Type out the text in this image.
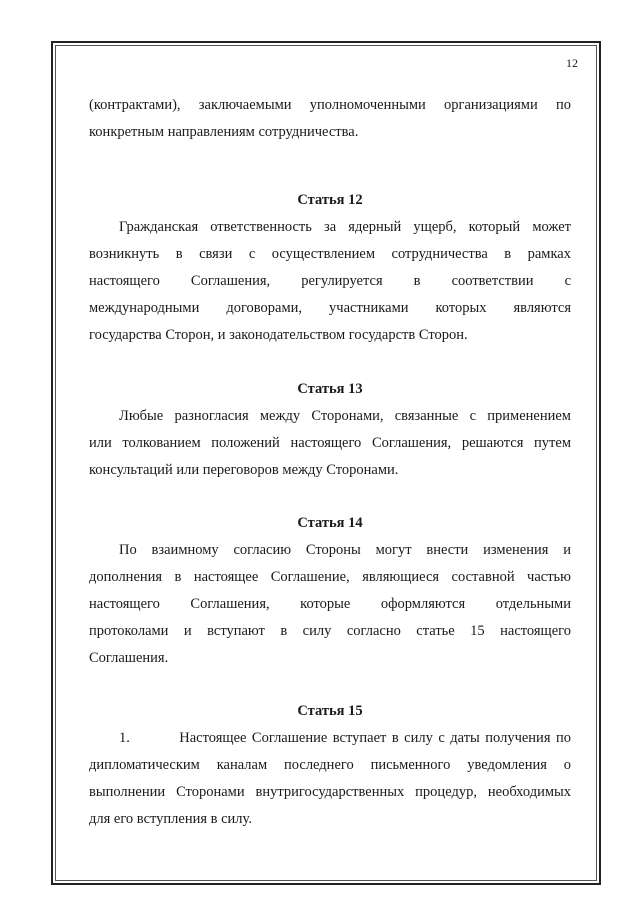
12

(контрактами), заключаемыми уполномоченными организациями по
конкретным направлениям сотрудничества.

Статья 12

Гражданская ответственность за ядерный ущерб, который может
возникнуть в связи с осуществлением сотрудничества в рамках
настоящего Соглашения, регулируется в соответствии с
международными договорами, участниками которых являются
государства Сторон, и законодательством государств Сторон.

Статья 13

Любые разногласия между Сторонами, связанные с применением
или толкованием положений настоящего Соглашения, решаются путем
консультаций или переговоров между Сторонами.

Статья 14

По взаимному согласию Стороны могут внести изменения и
дополнения в настоящее Соглашение, являющиеся составной частью
настоящего Соглашения, которые оформляются отдельными
протоколами и вступают в силу согласно статье 15 настоящего
Соглашения.

Статья 15

1.         Настоящее Соглашение вступает в силу с даты получения по
дипломатическим каналам последнего письменного уведомления о
выполнении Сторонами внутригосударственных процедур, необходимых
для его вступления в силу.
